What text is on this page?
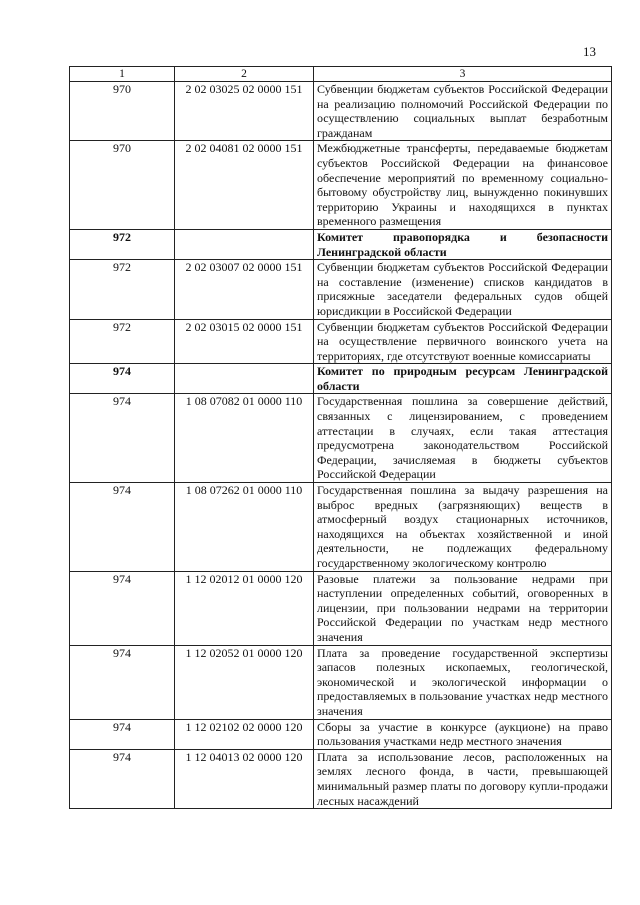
13
1	2	3
970	2 02 03025 02 0000 151	Субвенции бюджетам субъектов Российской Федерации на реализацию полномочий Российской Федерации по осуществлению социальных выплат безработным гражданам
970	2 02 04081 02 0000 151	Межбюджетные трансферты, передаваемые бюджетам субъектов Российской Федерации на финансовое обеспечение мероприятий по временному социально-бытовому обустройству лиц, вынужденно покинувших территорию Украины и находящихся в пунктах временного размещения
972		Комитет правопорядка и безопасности Ленинградской области
972	2 02 03007 02 0000 151	Субвенции бюджетам субъектов Российской Федерации на составление (изменение) списков кандидатов в присяжные заседатели федеральных судов общей юрисдикции в Российской Федерации
972	2 02 03015 02 0000 151	Субвенции бюджетам субъектов Российской Федерации на осуществление первичного воинского учета на территориях, где отсутствуют военные комиссариаты
974		Комитет по природным ресурсам Ленинградской области
974	1 08 07082 01 0000 110	Государственная пошлина за совершение действий, связанных с лицензированием, с проведением аттестации в случаях, если такая аттестация предусмотрена законодательством Российской Федерации, зачисляемая в бюджеты субъектов Российской Федерации
974	1 08 07262 01 0000 110	Государственная пошлина за выдачу разрешения на выброс вредных (загрязняющих) веществ в атмосферный воздух стационарных источников, находящихся на объектах хозяйственной и иной деятельности, не подлежащих федеральному государственному экологическому контролю
974	1 12 02012 01 0000 120	Разовые платежи за пользование недрами при наступлении определенных событий, оговоренных в лицензии, при пользовании недрами на территории Российской Федерации по участкам недр местного значения
974	1 12 02052 01 0000 120	Плата за проведение государственной экспертизы запасов полезных ископаемых, геологической, экономической и экологической информации о предоставляемых в пользование участках недр местного значения
974	1 12 02102 02 0000 120	Сборы за участие в конкурсе (аукционе) на право пользования участками недр местного значения
974	1 12 04013 02 0000 120	Плата за использование лесов, расположенных на землях лесного фонда, в части, превышающей минимальный размер платы по договору купли-продажи лесных насаждений
